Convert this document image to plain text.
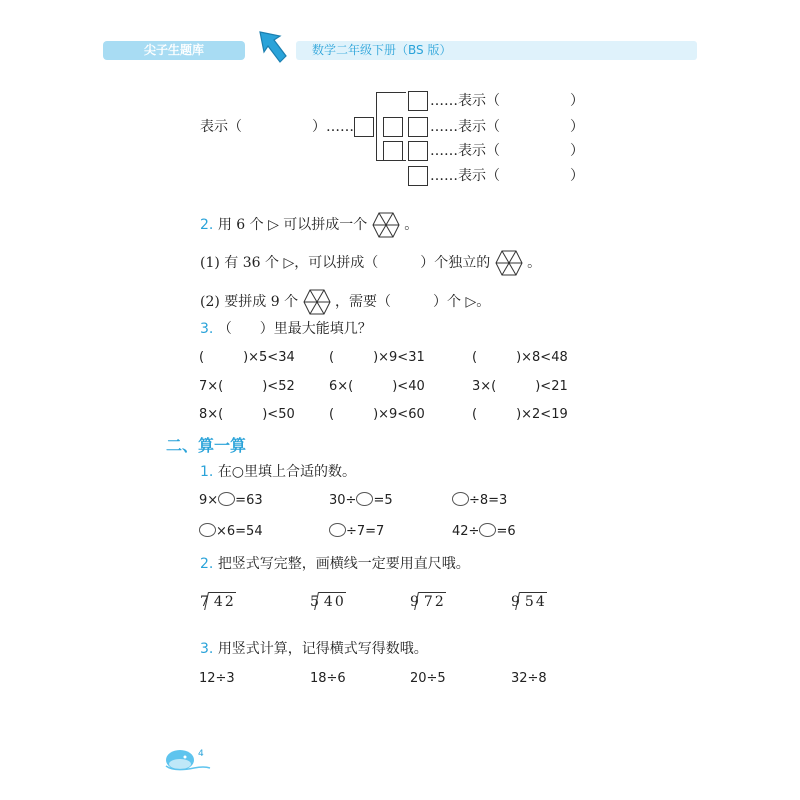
尖子生题库	数学二年级下册（BS 版）
表示（　　　　　）……
……表示（　　　　　）
……表示（　　　　　）
……表示（　　　　　）
……表示（　　　　　）
2. 用 6 个 ▷ 可以拼成一个	。
(1) 有 36 个 ▷，可以拼成（　　　）个独立的	。
(2) 要拼成 9 个	，需要（　　　）个 ▷。
3. （　　）里最大能填几？
(　　　)×5<34	(　　　)×9<31	(　　　)×8<48
7×(　　　)<52	6×(　　　)<40	3×(　　　)<21
8×(　　　)<50	(　　　)×9<60	(　　　)×2<19
二、算一算
1. 在○里填上合适的数。
9× =63	30÷ =5	÷8=3
×6=54	÷7=7	42÷ =6
2. 把竖式写完整，画横线一定要用直尺哦。
7 42	5 40	9 72	9 54
3. 用竖式计算，记得横式写得数哦。
12÷3	18÷6	20÷5	32÷8
4
